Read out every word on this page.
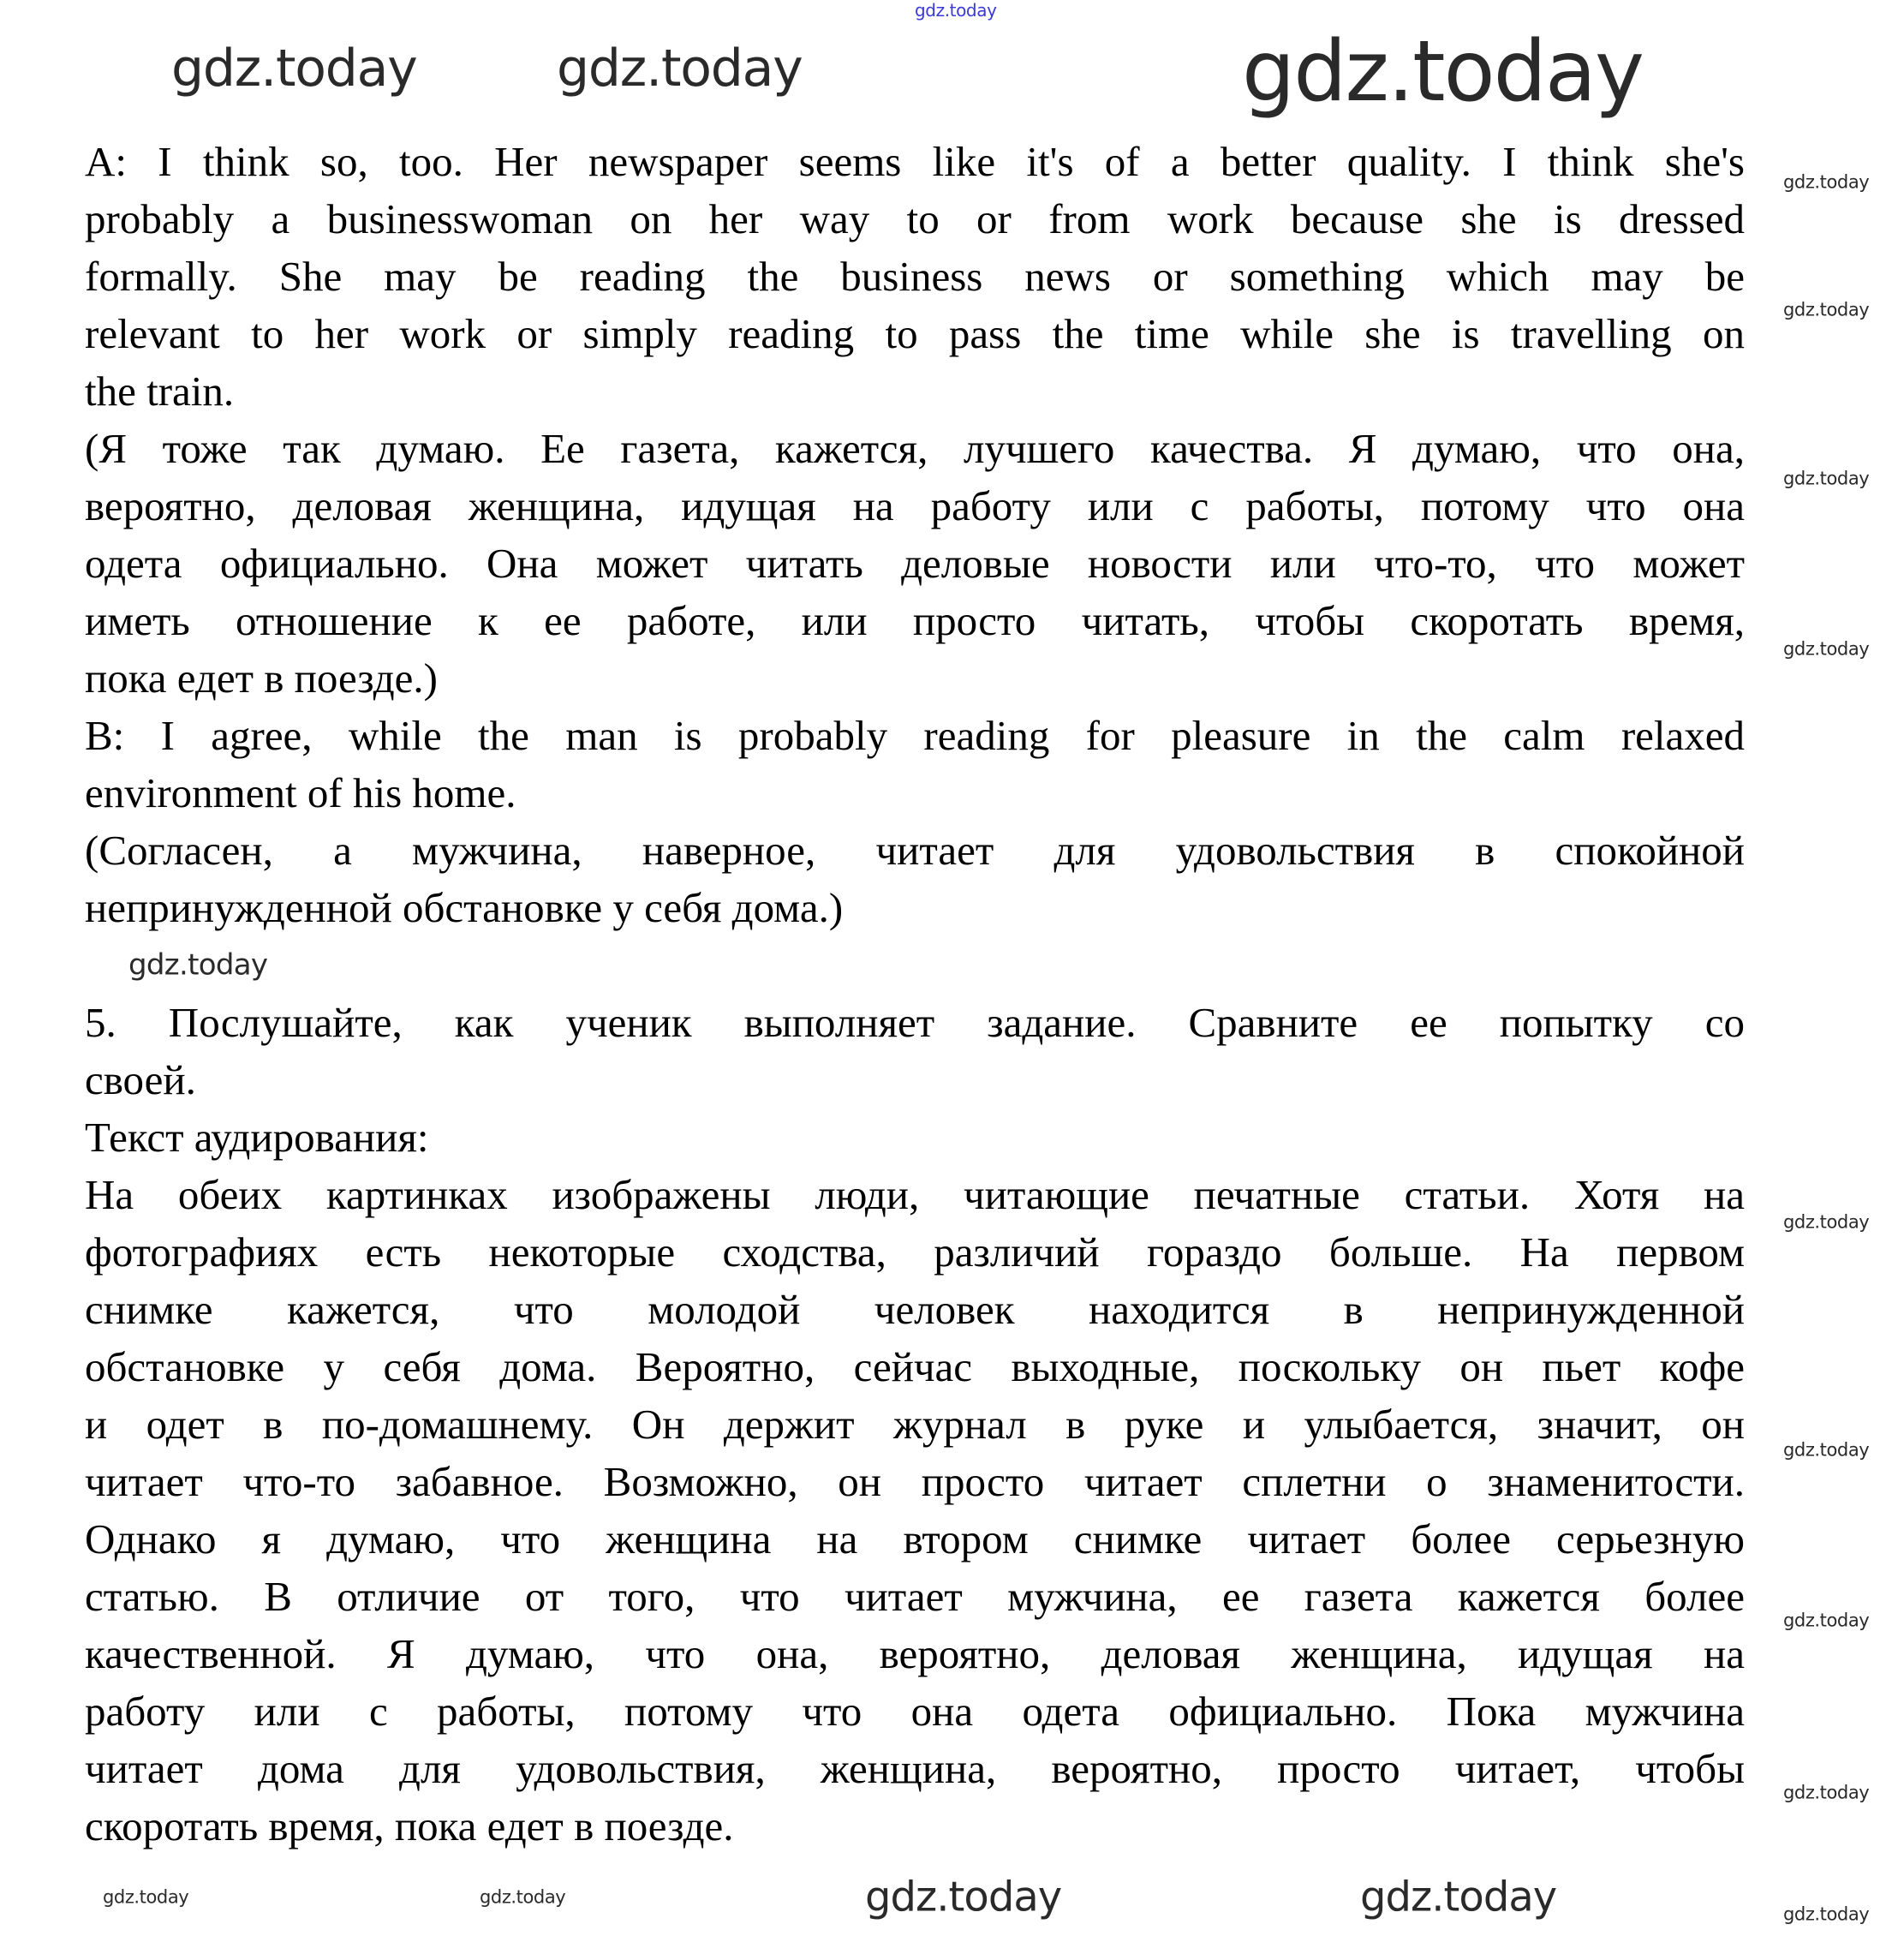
A: I think so, too. Her newspaper seems like it's of a better quality. I think she's
probably a businesswoman on her way to or from work because she is dressed
formally. She may be reading the business news or something which may be
relevant to her work or simply reading to pass the time while she is travelling on
the train.
(Я тоже так думаю. Ее газета, кажется, лучшего качества. Я думаю, что она,
вероятно, деловая женщина, идущая на работу или с работы, потому что она
одета официально. Она может читать деловые новости или что-то, что может
иметь отношение к ее работе, или просто читать, чтобы скоротать время,
пока едет в поезде.)
B: I agree, while the man is probably reading for pleasure in the calm relaxed
environment of his home.
(Согласен, а мужчина, наверное, читает для удовольствия в спокойной
непринужденной обстановке у себя дома.)
5. Послушайте, как ученик выполняет задание. Сравните ее попытку со
своей.
Текст аудирования:
На обеих картинках изображены люди, читающие печатные статьи. Хотя на
фотографиях есть некоторые сходства, различий гораздо больше. На первом
снимке кажется, что молодой человек находится в непринужденной
обстановке у себя дома. Вероятно, сейчас выходные, поскольку он пьет кофе
и одет в по-домашнему. Он держит журнал в руке и улыбается, значит, он
читает что-то забавное. Возможно, он просто читает сплетни о знаменитости.
Однако я думаю, что женщина на втором снимке читает более серьезную
статью. В отличие от того, что читает мужчина, ее газета кажется более
качественной. Я думаю, что она, вероятно, деловая женщина, идущая на
работу или с работы, потому что она одета официально. Пока мужчина
читает дома для удовольствия, женщина, вероятно, просто читает, чтобы
скоротать время, пока едет в поезде.
gdz.today
gdz.today	gdz.today	gdz.today
gdz.today
gdz.today
gdz.today
gdz.today
gdz.today
gdz.today
gdz.today
gdz.today
gdz.today
gdz.today	gdz.today
gdz.today
gdz.today	gdz.today
